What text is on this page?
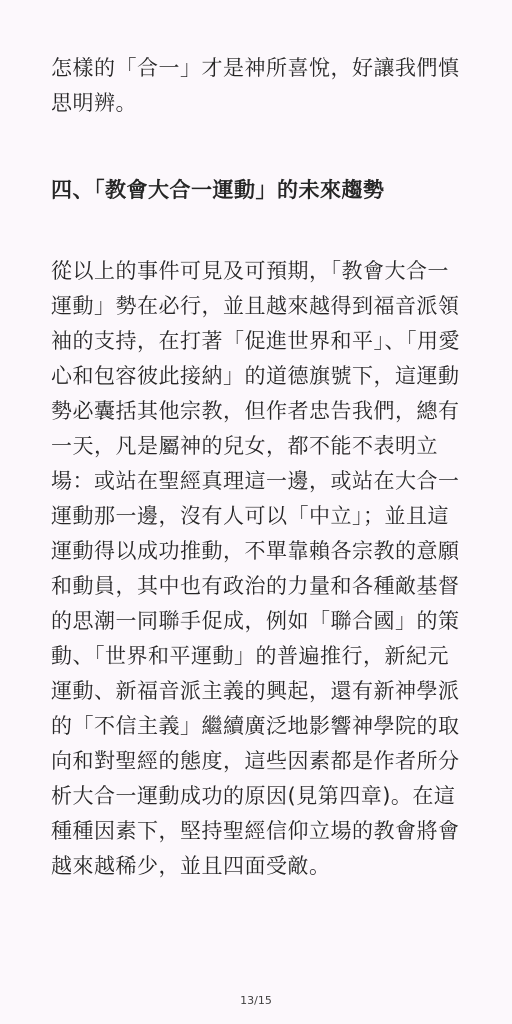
怎樣的「合一」才是神所喜悅，好讓我們慎
思明辨。
四、「教會大合一運動」的未來趨勢
從以上的事件可見及可預期，「教會大合一
運動」勢在必行，並且越來越得到福音派領
袖的支持，在打著「促進世界和平」、「用愛
心和包容彼此接納」的道德旗號下，這運動
勢必囊括其他宗教，但作者忠告我們，總有
一天，凡是屬神的兒女，都不能不表明立
場：或站在聖經真理這一邊，或站在大合一
運動那一邊，沒有人可以「中立」；並且這
運動得以成功推動，不單靠賴各宗教的意願
和動員，其中也有政治的力量和各種敵基督
的思潮一同聯手促成，例如「聯合國」的策
動、「世界和平運動」的普遍推行，新紀元
運動、新福音派主義的興起，還有新神學派
的「不信主義」繼續廣泛地影響神學院的取
向和對聖經的態度，這些因素都是作者所分
析大合一運動成功的原因(見第四章)。在這
種種因素下，堅持聖經信仰立場的教會將會
越來越稀少，並且四面受敵。
13/15
